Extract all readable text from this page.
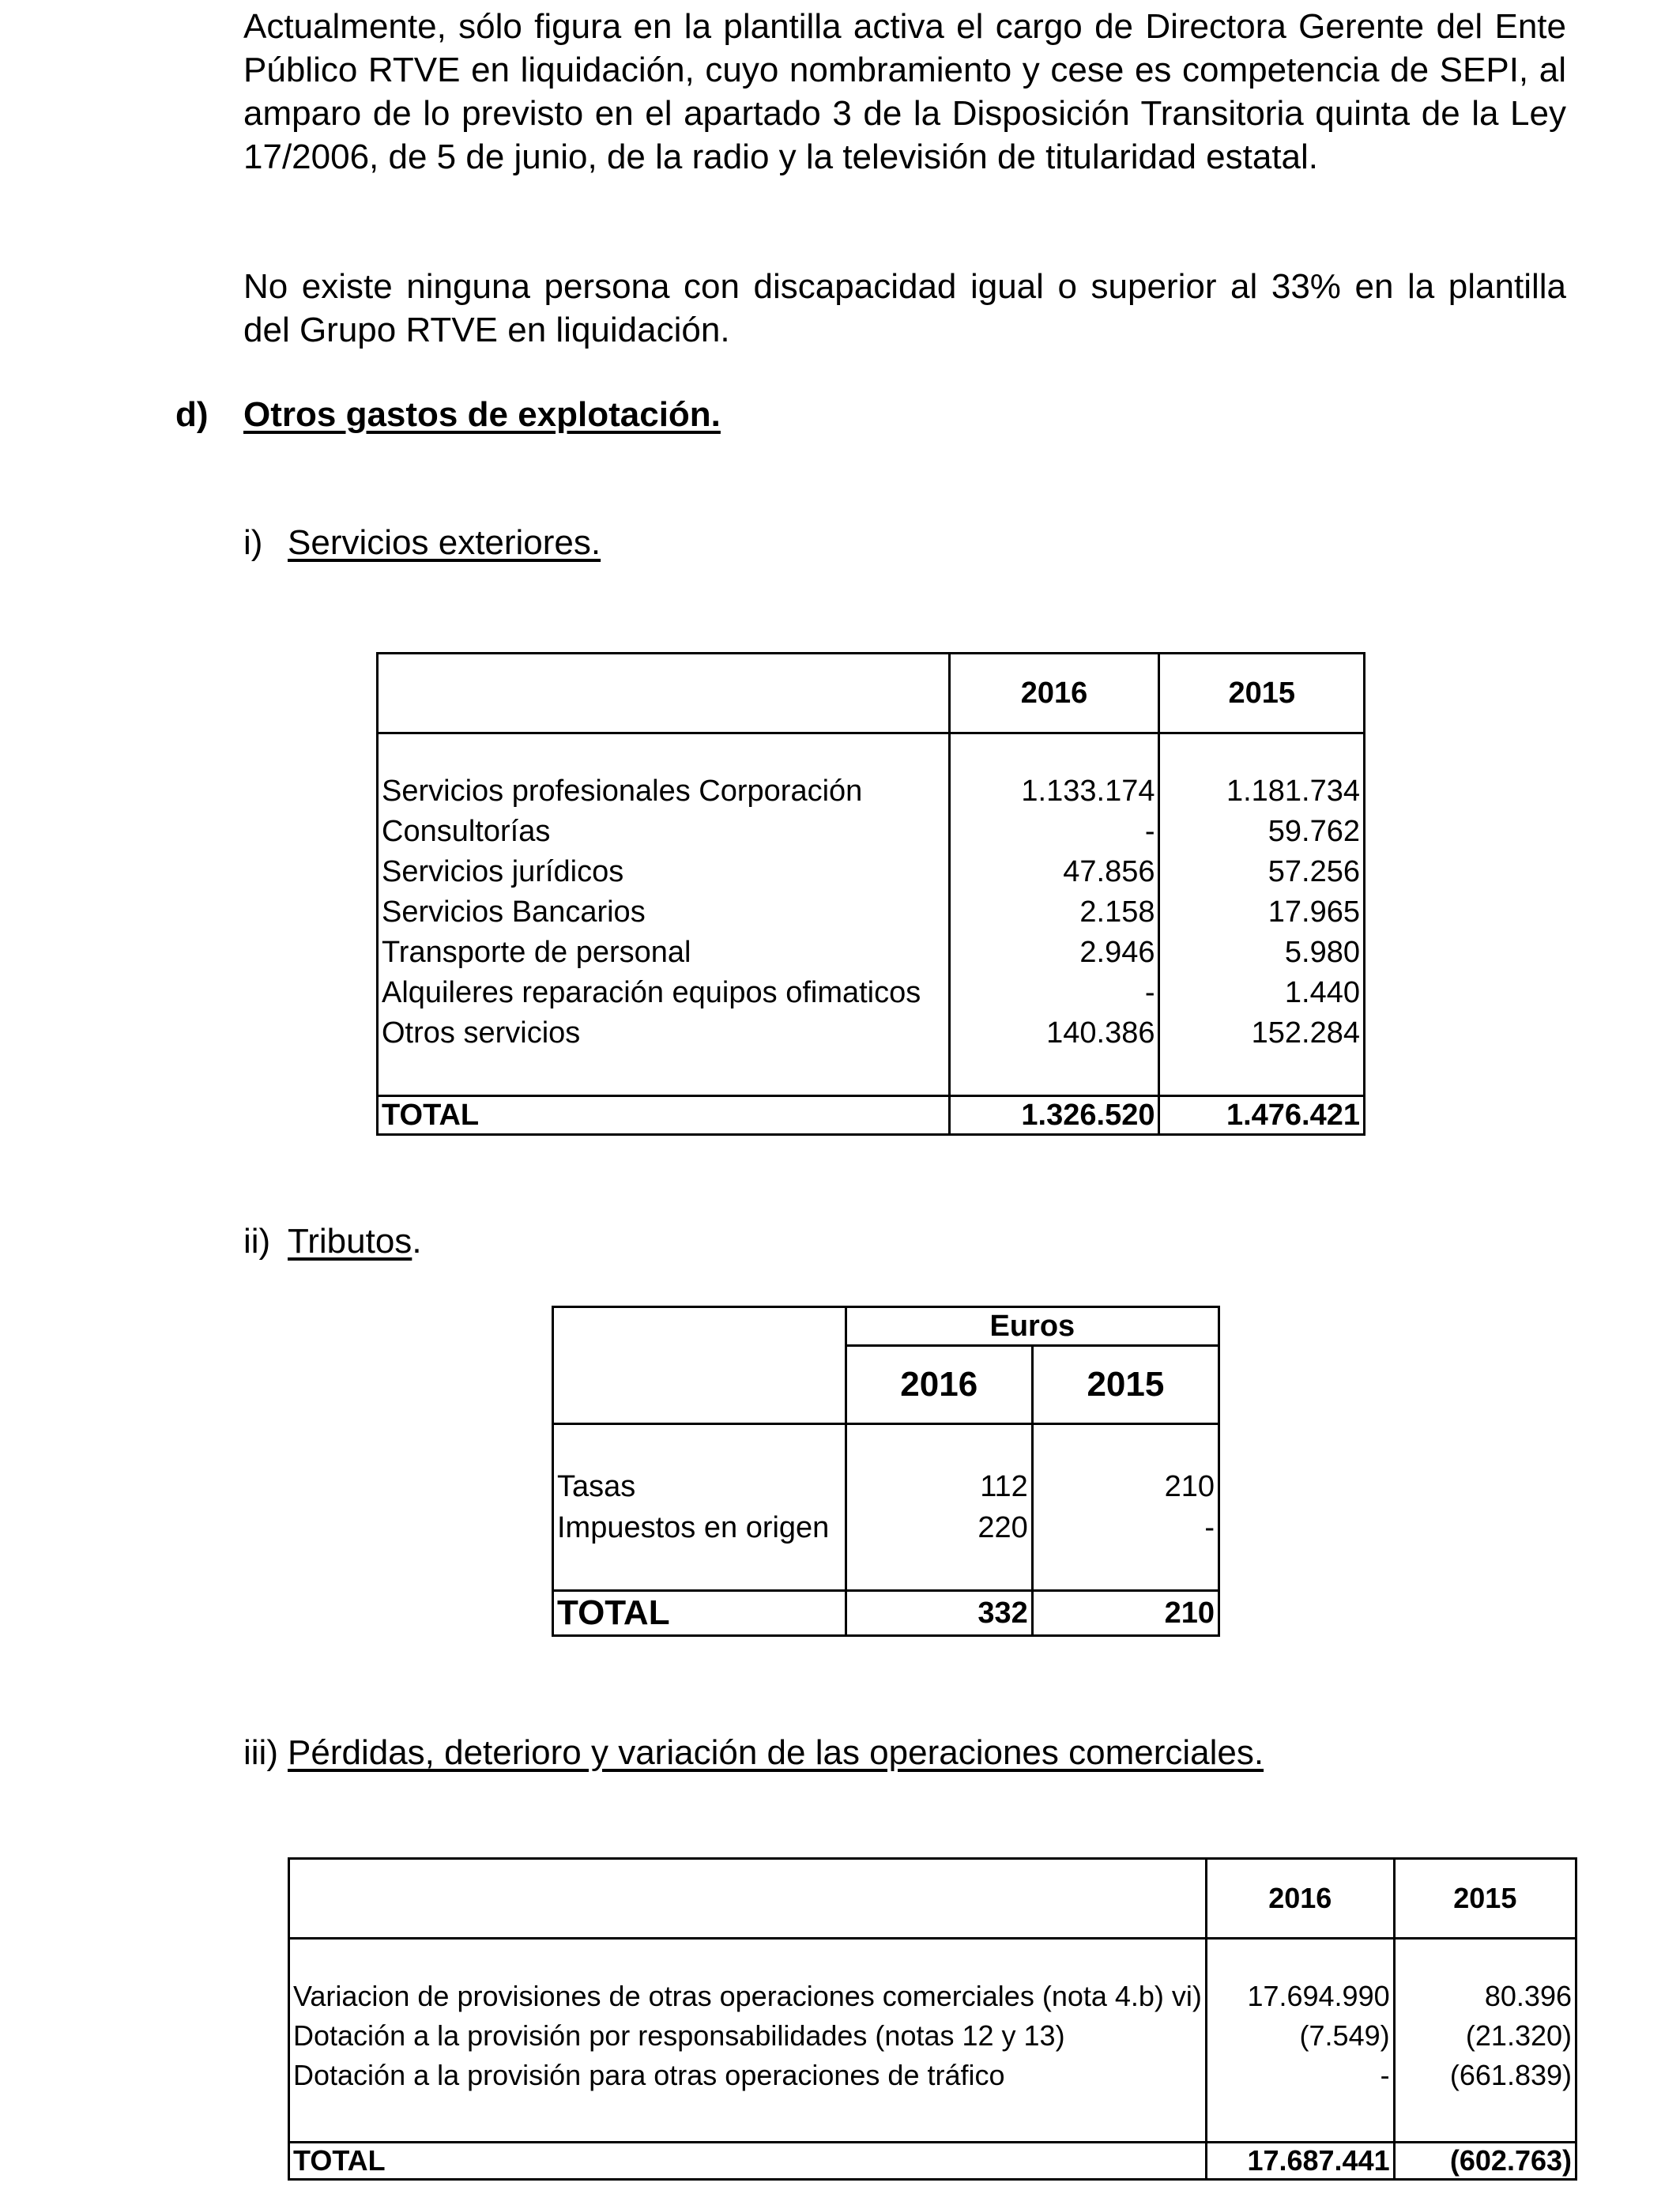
Actualmente, sólo figura en la plantilla activa el cargo de Directora Gerente del Ente Público RTVE en liquidación, cuyo nombramiento y cese es competencia de SEPI, al amparo de lo previsto en el apartado 3 de la Disposición Transitoria quinta de la Ley 17/2006, de 5 de junio, de la radio y la televisión de titularidad estatal.

No existe ninguna persona con discapacidad igual o superior al 33% en la plantilla del Grupo RTVE en liquidación.

d) Otros gastos de explotación.
i) Servicios exteriores.
	2016	2015

Servicios profesionales Corporación	1.133.174	1.181.734
Consultorías	-	59.762
Servicios jurídicos	47.856	57.256
Servicios Bancarios	2.158	17.965
Transporte de personal	2.946	5.980
Alquileres reparación equipos ofimaticos	-	1.440
Otros servicios	140.386	152.284

TOTAL	1.326.520	1.476.421
ii) Tributos.
	Euros	
	2016	2015

Tasas	112	210
Impuestos en origen	220	-

TOTAL	332	210
iii) Pérdidas, deterioro y variación de las operaciones comerciales.
	2016	2015

Variacion de provisiones de otras operaciones comerciales (nota 4.b) vi)	17.694.990	80.396
Dotación a la provisión por responsabilidades (notas 12 y 13)	(7.549)	(21.320)
Dotación a la provisión para otras operaciones de tráfico	-	(661.839)

TOTAL	17.687.441	(602.763)
